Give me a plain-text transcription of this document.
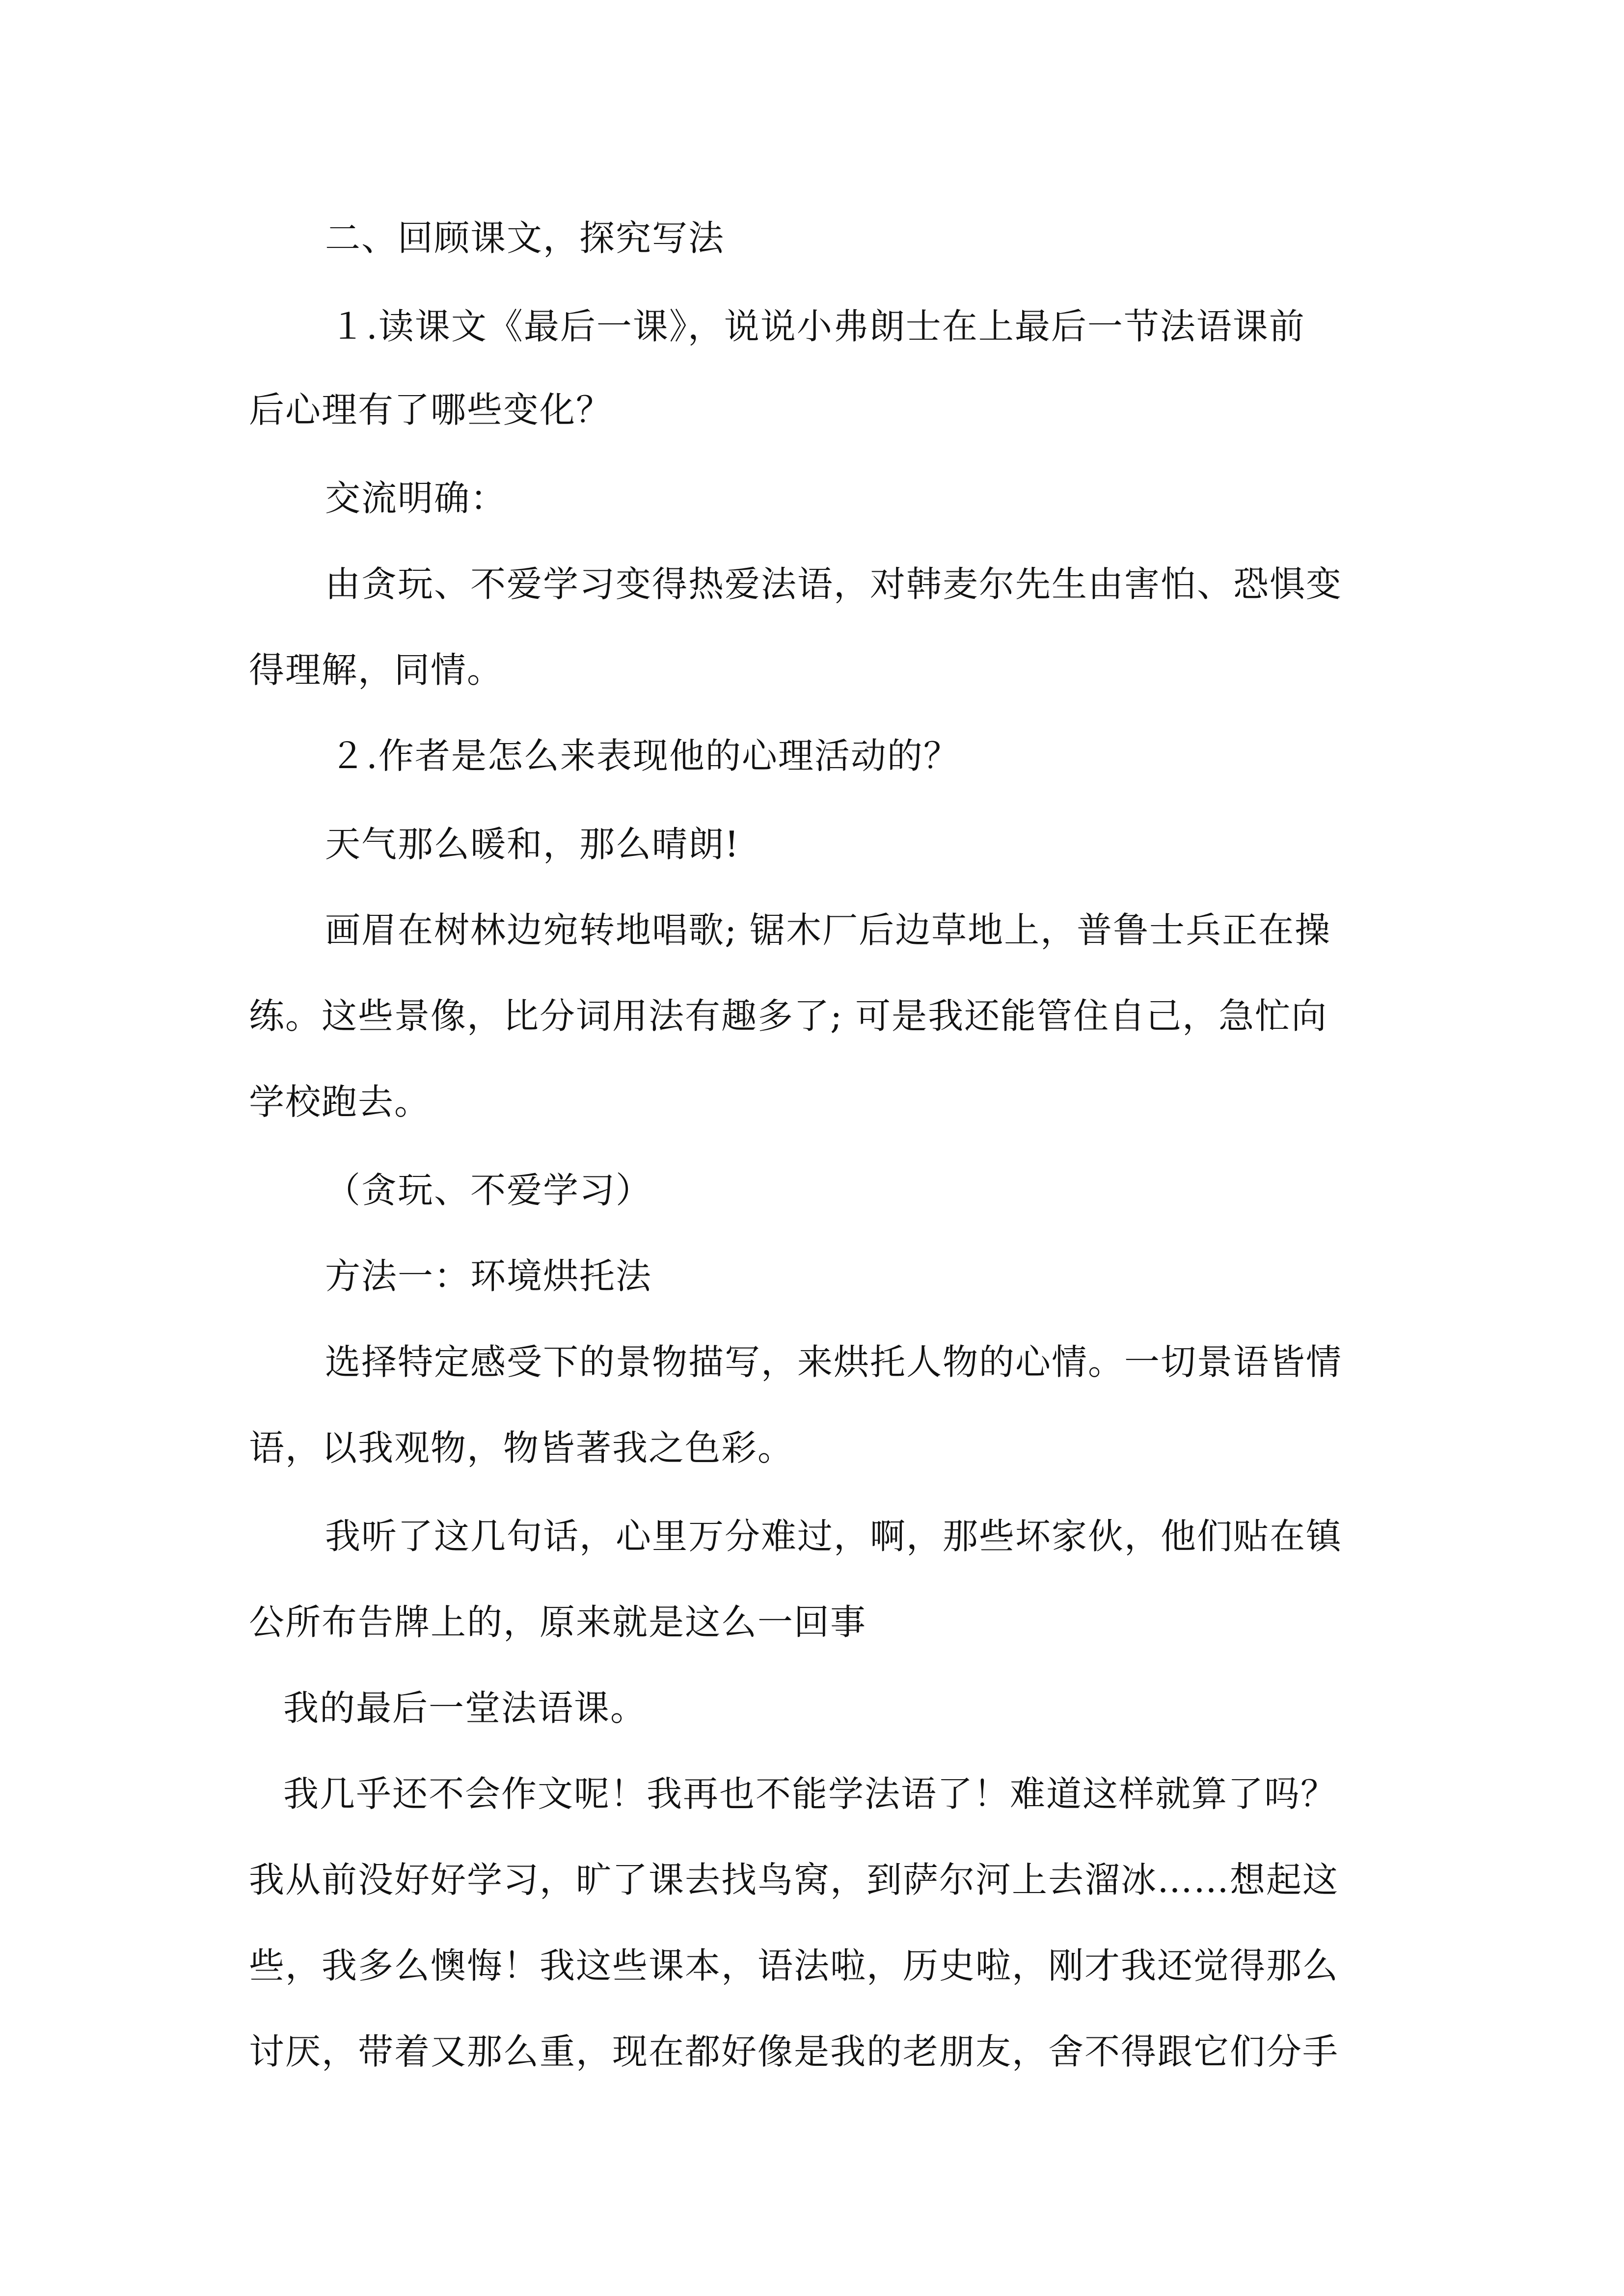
二、回顾课文，探究写法
１.读课文《最后一课》，说说小弗朗士在上最后一节法语课前
后心理有了哪些变化？
交流明确：
由贪玩、不爱学习变得热爱法语，对韩麦尔先生由害怕、恐惧变
得理解，同情。
２.作者是怎么来表现他的心理活动的？
天气那么暖和，那么晴朗!
画眉在树林边宛转地唱歌; 锯木厂后边草地上，普鲁士兵正在操
练。这些景像，比分词用法有趣多了; 可是我还能管住自己，急忙向
学校跑去。
（贪玩、不爱学习）
方法一：环境烘托法
选择特定感受下的景物描写，来烘托人物的心情。一切景语皆情
语，以我观物，物皆著我之色彩。
我听了这几句话，心里万分难过，啊，那些坏家伙，他们贴在镇
公所布告牌上的，原来就是这么一回事
我的最后一堂法语课。
我几乎还不会作文呢！我再也不能学法语了！难道这样就算了吗？
我从前没好好学习，旷了课去找鸟窝，到萨尔河上去溜冰……想起这
些，我多么懊悔！我这些课本，语法啦，历史啦，刚才我还觉得那么
讨厌，带着又那么重，现在都好像是我的老朋友，舍不得跟它们分手
